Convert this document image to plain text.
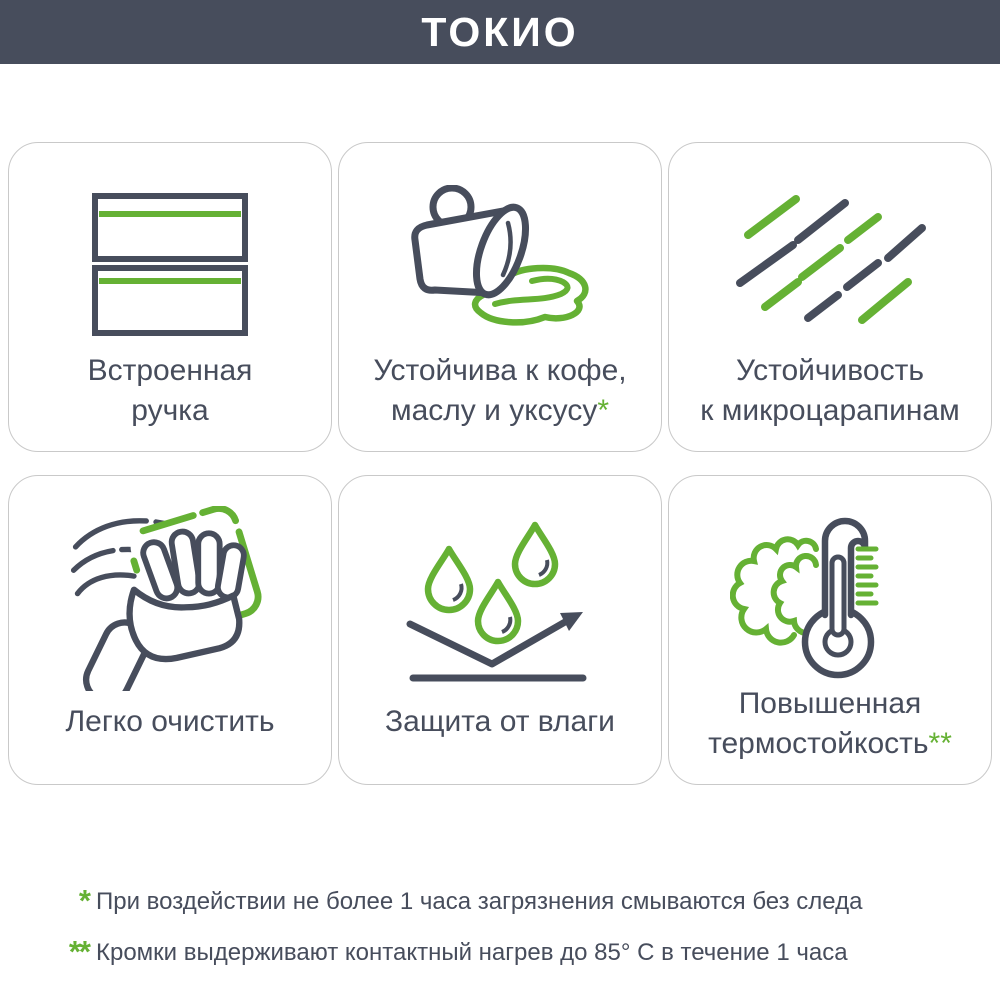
ТОКИО
Встроенная
ручка
Устойчива к кофе,
маслу и уксусу*
Устойчивость
к микроцарапинам
Легко очистить	Защита от влаги
Повышенная
термостойкость**
* При воздействии не более 1 часа загрязнения смываются без следа
** Кромки выдерживают контактный нагрев до 85° C в течение 1 часа
